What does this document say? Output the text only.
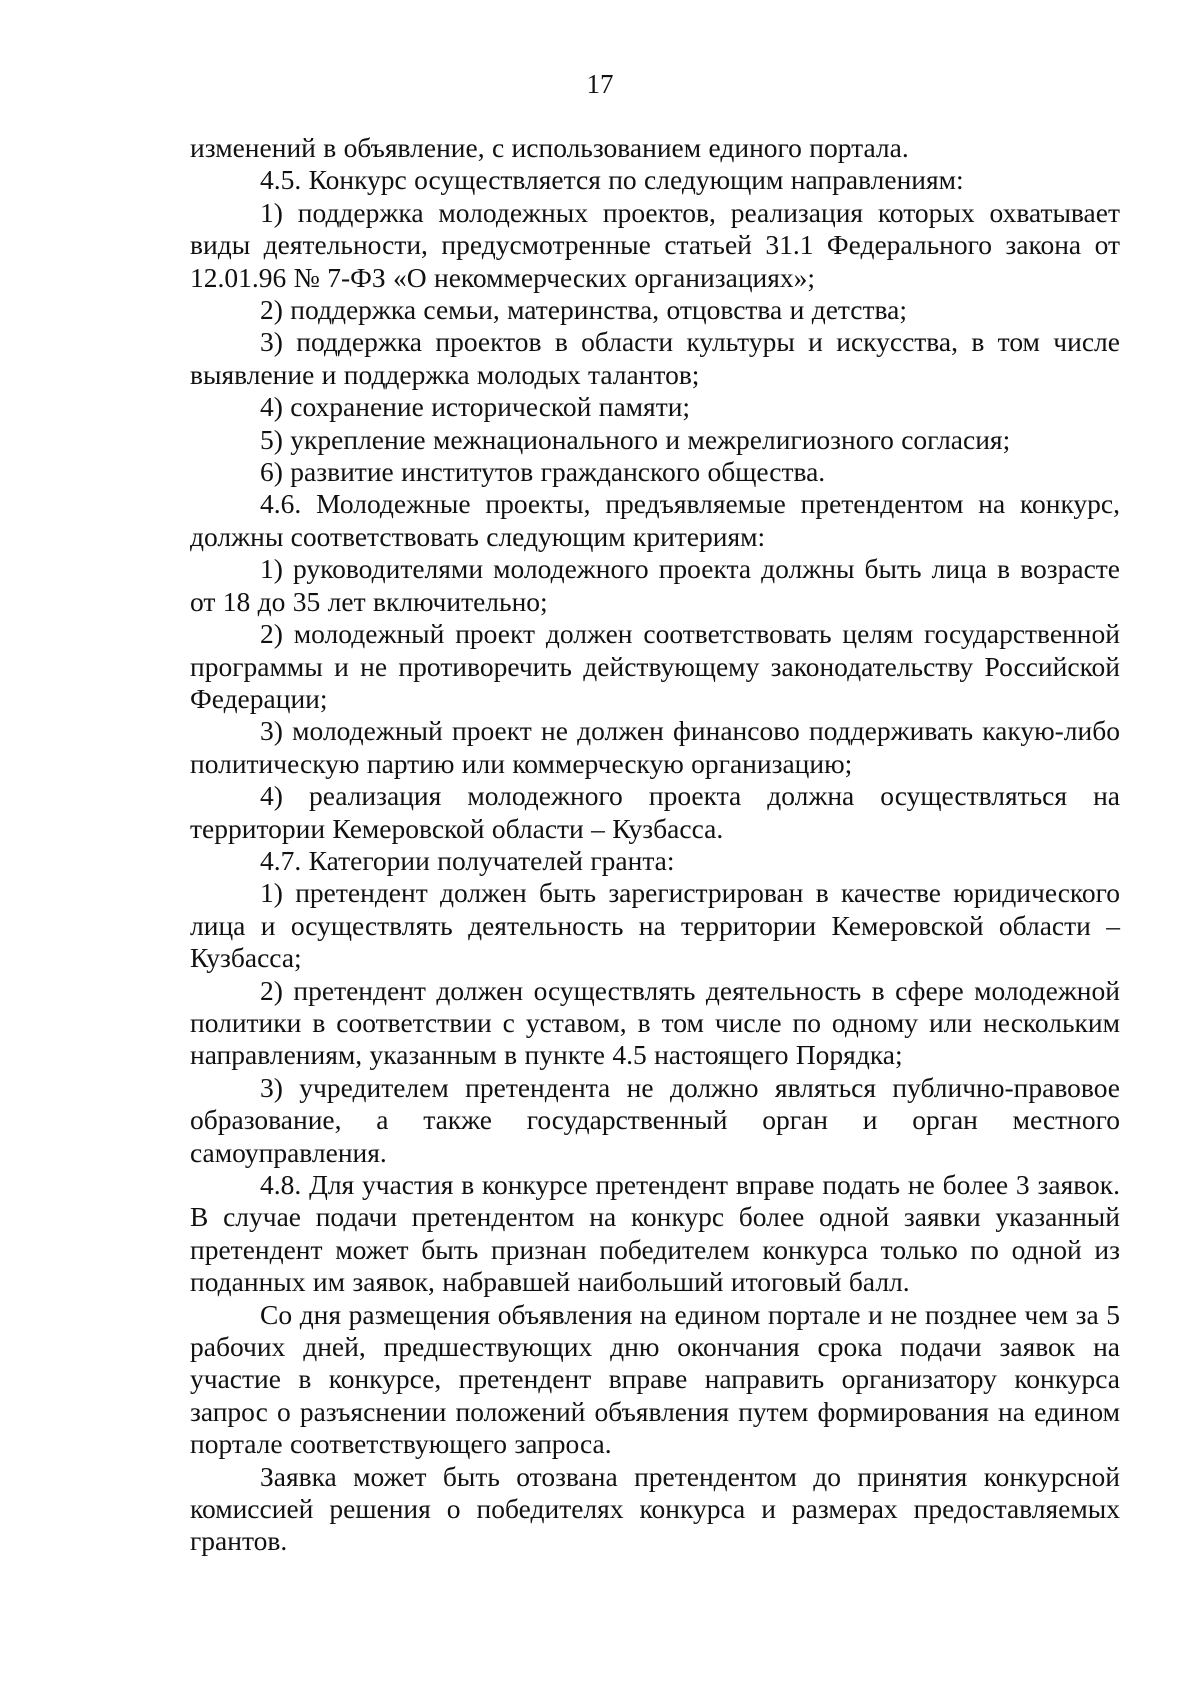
17

изменений в объявление, с использованием единого портала.

4.5. Конкурс осуществляется по следующим направлениям:

1) поддержка молодежных проектов, реализация которых охватывает виды деятельности, предусмотренные статьей 31.1 Федерального закона от 12.01.96 № 7-ФЗ «О некоммерческих организациях»;

2) поддержка семьи, материнства, отцовства и детства;

3) поддержка проектов в области культуры и искусства, в том числе выявление и поддержка молодых талантов;

4) сохранение исторической памяти;

5) укрепление межнационального и межрелигиозного согласия;

6) развитие институтов гражданского общества.

4.6. Молодежные проекты, предъявляемые претендентом на конкурс, должны соответствовать следующим критериям:

1) руководителями молодежного проекта должны быть лица в возрасте от 18 до 35 лет включительно;

2) молодежный проект должен соответствовать целям государственной программы и не противоречить действующему законодательству Российской Федерации;

3) молодежный проект не должен финансово поддерживать какую-либо политическую партию или коммерческую организацию;

4) реализация молодежного проекта должна осуществляться на территории Кемеровской области – Кузбасса.

4.7. Категории получателей гранта:

1) претендент должен быть зарегистрирован в качестве юридического лица и осуществлять деятельность на территории Кемеровской области – Кузбасса;

2) претендент должен осуществлять деятельность в сфере молодежной политики в соответствии с уставом, в том числе по одному или нескольким направлениям, указанным в пункте 4.5 настоящего Порядка;

3) учредителем претендента не должно являться публично-правовое образование, а также государственный орган и орган местного самоуправления.

4.8. Для участия в конкурсе претендент вправе подать не более 3 заявок. В случае подачи претендентом на конкурс более одной заявки указанный претендент может быть признан победителем конкурса только по одной из поданных им заявок, набравшей наибольший итоговый балл.

Со дня размещения объявления на едином портале и не позднее чем за 5 рабочих дней, предшествующих дню окончания срока подачи заявок на участие в конкурсе, претендент вправе направить организатору конкурса запрос о разъяснении положений объявления путем формирования на едином портале соответствующего запроса.

Заявка может быть отозвана претендентом до принятия конкурсной комиссией решения о победителях конкурса и размерах предоставляемых грантов.
